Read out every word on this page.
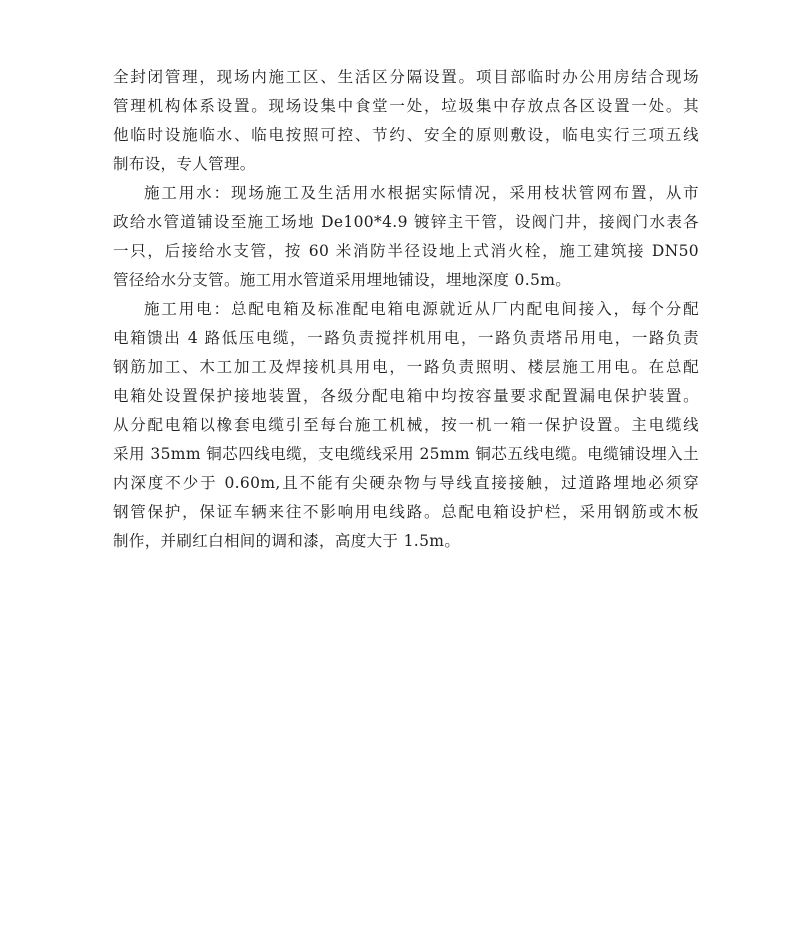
全封闭管理，现场内施工区、生活区分隔设置。项目部临时办公用房结合现场
管理机构体系设置。现场设集中食堂一处，垃圾集中存放点各区设置一处。其
他临时设施临水、临电按照可控、节约、安全的原则敷设，临电实行三项五线
制布设，专人管理。
施工用水：现场施工及生活用水根据实际情况，采用枝状管网布置，从市
政给水管道铺设至施工场地 De100*4.9 镀锌主干管，设阀门井，接阀门水表各
一只，后接给水支管，按 60 米消防半径设地上式消火栓，施工建筑接 DN50
管径给水分支管。施工用水管道采用埋地铺设，埋地深度 0.5m。
施工用电：总配电箱及标准配电箱电源就近从厂内配电间接入，每个分配
电箱馈出 4 路低压电缆，一路负责搅拌机用电，一路负责塔吊用电，一路负责
钢筋加工、木工加工及焊接机具用电，一路负责照明、楼层施工用电。在总配
电箱处设置保护接地装置，各级分配电箱中均按容量要求配置漏电保护装置。
从分配电箱以橡套电缆引至每台施工机械，按一机一箱一保护设置。主电缆线
采用 35mm 铜芯四线电缆，支电缆线采用 25mm 铜芯五线电缆。电缆铺设埋入土
内深度不少于 0.60m,且不能有尖硬杂物与导线直接接触，过道路埋地必须穿
钢管保护，保证车辆来往不影响用电线路。总配电箱设护栏，采用钢筋或木板
制作，并刷红白相间的调和漆，高度大于 1.5m。
